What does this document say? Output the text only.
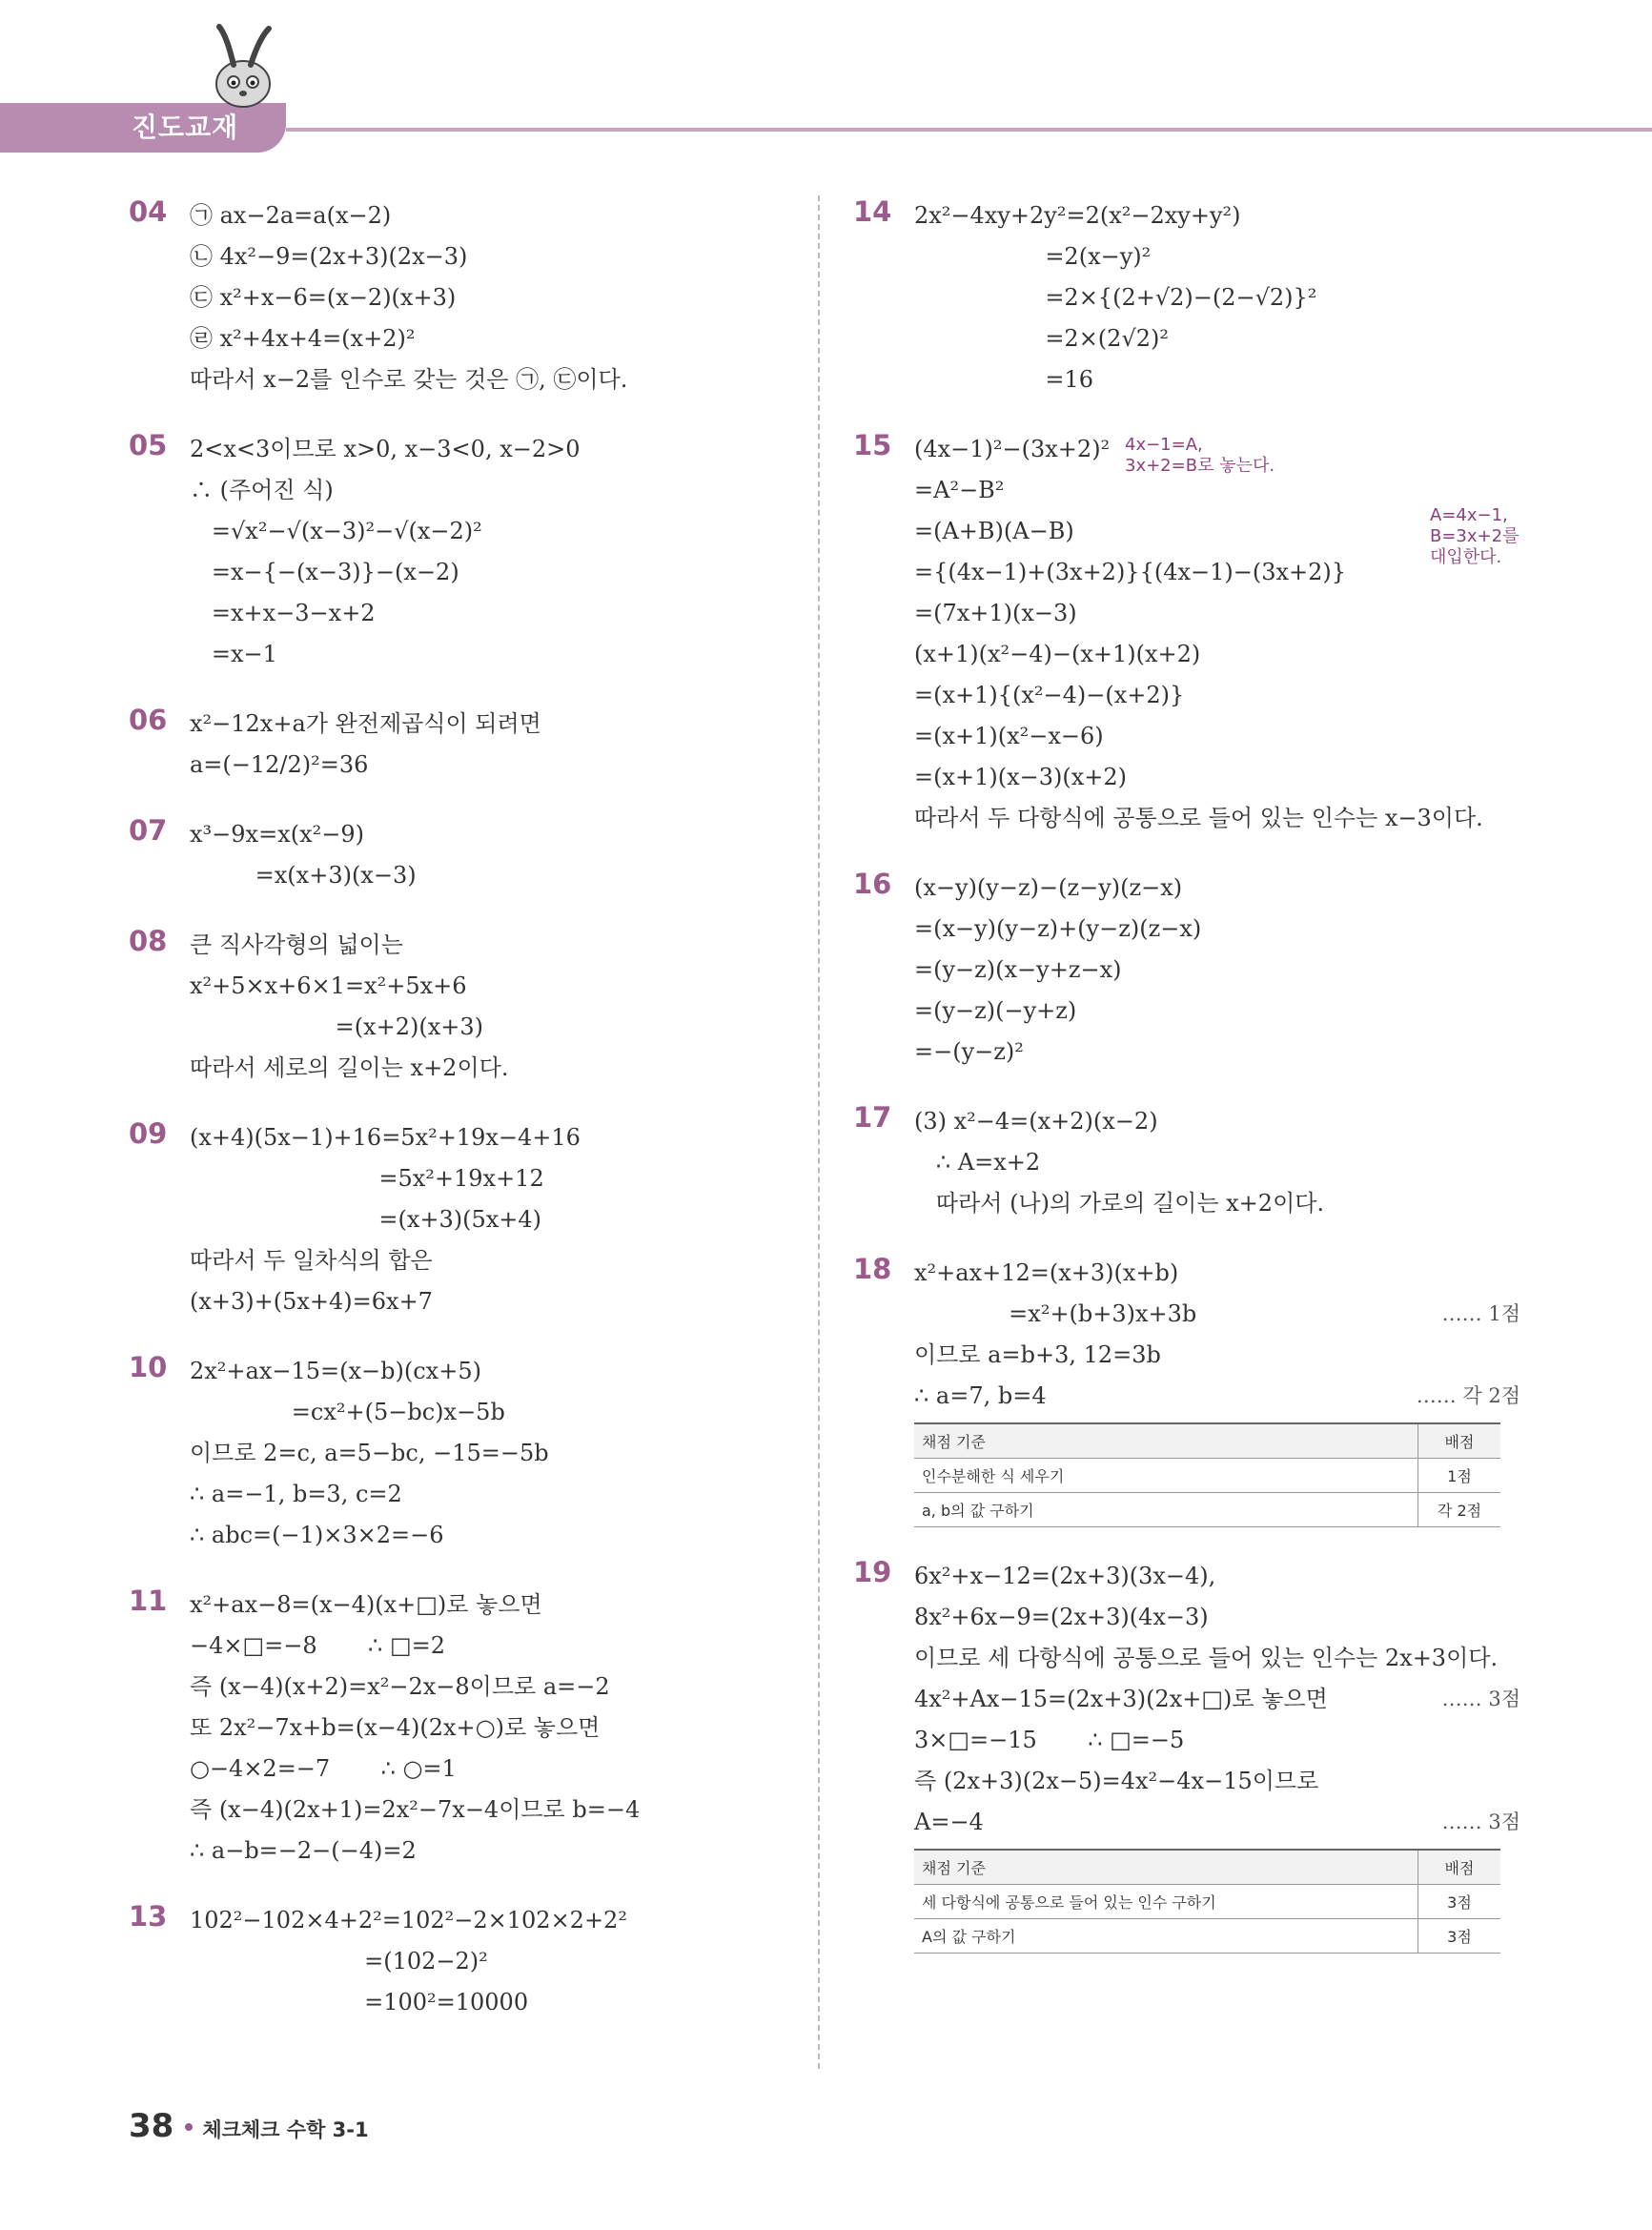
진도교재
04 ㉠ ax−2a=a(x−2)
㉡ 4x²−9=(2x+3)(2x−3)
㉢ x²+x−6=(x−2)(x+3)
㉣ x²+4x+4=(x+2)²
따라서 x−2를 인수로 갖는 것은 ㉠, ㉢이다.
05 2<x<3이므로 x>0, x−3<0, x−2>0
∴ (주어진 식)
=√x²−√(x−3)²−√(x−2)²
=x−{−(x−3)}−(x−2)
=x+x−3−x+2
=x−1
06 x²−12x+a가 완전제곱식이 되려면
a=(−12/2)²=36
07 x³−9x=x(x²−9)
=x(x+3)(x−3)
08 큰 직사각형의 넓이는
x²+5×x+6×1=x²+5x+6
=(x+2)(x+3)
따라서 세로의 길이는 x+2이다.
09 (x+4)(5x−1)+16=5x²+19x−4+16
=5x²+19x+12
=(x+3)(5x+4)
따라서 두 일차식의 합은
(x+3)+(5x+4)=6x+7
10 2x²+ax−15=(x−b)(cx+5)
=cx²+(5−bc)x−5b
이므로 2=c, a=5−bc, −15=−5b
∴ a=−1, b=3, c=2
∴ abc=(−1)×3×2=−6
11 x²+ax−8=(x−4)(x+□)로 놓으면
−4×□=−8       ∴ □=2
즉 (x−4)(x+2)=x²−2x−8이므로 a=−2
또 2x²−7x+b=(x−4)(2x+○)로 놓으면
○−4×2=−7       ∴ ○=1
즉 (x−4)(2x+1)=2x²−7x−4이므로 b=−4
∴ a−b=−2−(−4)=2
13 102²−102×4+2²=102²−2×102×2+2²
=(102−2)²
=100²=10000
14 2x²−4xy+2y²=2(x²−2xy+y²)
=2(x−y)²
=2×{(2+√2)−(2−√2)}²
=2×(2√2)²
=16
15	4x−1=A,
3x+2=B로 놓는다.
A=4x−1,
B=3x+2를
대입한다.
(4x−1)²−(3x+2)²
=A²−B²
=(A+B)(A−B)
={(4x−1)+(3x+2)}{(4x−1)−(3x+2)}
=(7x+1)(x−3)
(x+1)(x²−4)−(x+1)(x+2)
=(x+1){(x²−4)−(x+2)}
=(x+1)(x²−x−6)
=(x+1)(x−3)(x+2)
따라서 두 다항식에 공통으로 들어 있는 인수는 x−3이다.
16 (x−y)(y−z)−(z−y)(z−x)
=(x−y)(y−z)+(y−z)(z−x)
=(y−z)(x−y+z−x)
=(y−z)(−y+z)
=−(y−z)²
17 (3) x²−4=(x+2)(x−2)
∴ A=x+2
따라서 (나)의 가로의 길이는 x+2이다.
18 x²+ax+12=(x+3)(x+b)
=x²+(b+3)x+3b	…… 1점
이므로 a=b+3, 12=3b
∴ a=7, b=4	…… 각 2점
채점 기준	배점
인수분해한 식 세우기	1점
a, b의 값 구하기	각 2점
19 6x²+x−12=(2x+3)(3x−4),
8x²+6x−9=(2x+3)(4x−3)
이므로 세 다항식에 공통으로 들어 있는 인수는 2x+3이다.
…… 3점
4x²+Ax−15=(2x+3)(2x+□)로 놓으면
3×□=−15       ∴ □=−5
즉 (2x+3)(2x−5)=4x²−4x−15이므로
A=−4	…… 3점
채점 기준	배점
세 다항식에 공통으로 들어 있는 인수 구하기	3점
A의 값 구하기	3점
38 체크체크 수학 3-1
